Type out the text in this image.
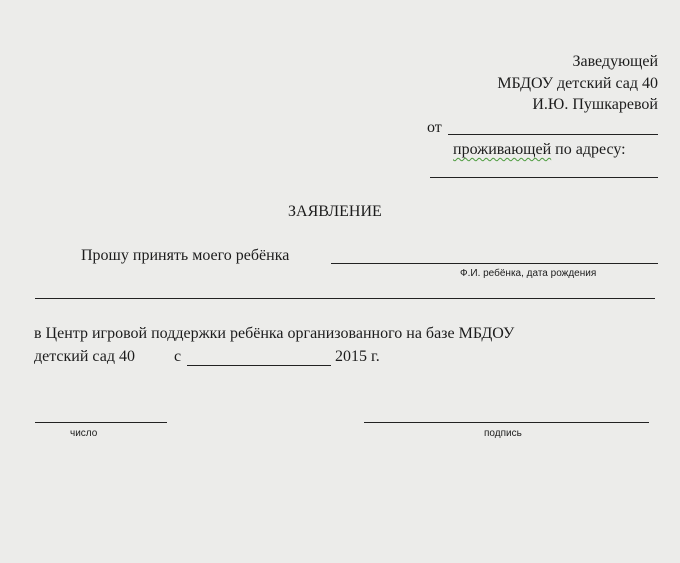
Заведующей
МБДОУ детский сад 40
И.Ю. Пушкаревой
от
проживающей по адресу:
ЗАЯВЛЕНИЕ
Прошу принять моего ребёнка
Ф.И. ребёнка, дата рождения
в Центр игровой поддержки ребёнка организованного на базе МБДОУ
детский сад 40 с	2015 г.
число	подпись
